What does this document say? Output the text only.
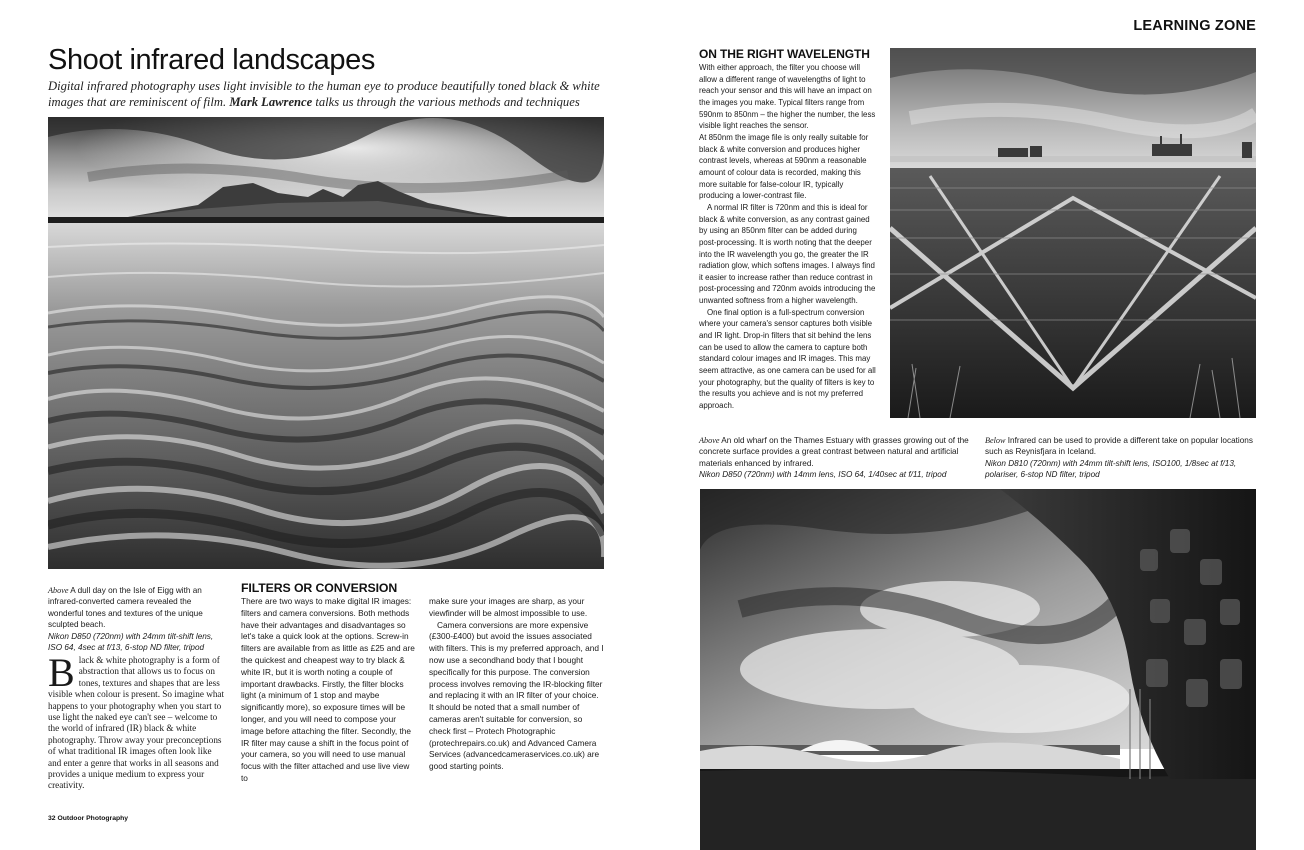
LEARNING ZONE
Shoot infrared landscapes
Digital infrared photography uses light invisible to the human eye to produce beautifully toned black & white images that are reminiscent of film. Mark Lawrence talks us through the various methods and techniques
Above A dull day on the Isle of Eigg with an infrared-converted camera revealed the wonderful tones and textures of the unique sculpted beach.
Nikon D850 (720nm) with 24mm tilt-shift lens, ISO 64, 4sec at f/13, 6-stop ND filter, tripod
Black & white photography is a form of abstraction that allows us to focus on tones, textures and shapes that are less visible when colour is present. So imagine what happens to your photography when you start to use light the naked eye can't see – welcome to the world of infrared (IR) black & white photography. Throw away your preconceptions of what traditional IR images often look like and enter a genre that works in all seasons and provides a unique medium to express your creativity.
FILTERS OR CONVERSION

There are two ways to make digital IR images: filters and camera conversions. Both methods have their advantages and disadvantages so let's take a quick look at the options. Screw-in filters are available from as little as £25 and are the quickest and cheapest way to try black & white IR, but it is worth noting a couple of important drawbacks. Firstly, the filter blocks light (a minimum of 1 stop and maybe significantly more), so exposure times will be longer, and you will need to compose your image before attaching the filter. Secondly, the IR filter may cause a shift in the focus point of your camera, so you will need to use manual focus with the filter attached and use live view to

make sure your images are sharp, as your viewfinder will be almost impossible to use.

Camera conversions are more expensive (£300-£400) but avoid the issues associated with filters. This is my preferred approach, and I now use a secondhand body that I bought specifically for this purpose. The conversion process involves removing the IR-blocking filter and replacing it with an IR filter of your choice. It should be noted that a small number of cameras aren't suitable for conversion, so check first – Protech Photographic (protechrepairs.co.uk) and Advanced Camera Services (advancedcameraservices.co.uk) are good starting points.

32 Outdoor Photography
ON THE RIGHT WAVELENGTH

With either approach, the filter you choose will allow a different range of wavelengths of light to reach your sensor and this will have an impact on the images you make. Typical filters range from 590nm to 850nm – the higher the number, the less visible light reaches the sensor.

At 850nm the image file is only really suitable for black & white conversion and produces higher contrast levels, whereas at 590nm a reasonable amount of colour data is recorded, making this more suitable for false-colour IR, typically producing a lower-contrast file.

A normal IR filter is 720nm and this is ideal for black & white conversion, as any contrast gained by using an 850nm filter can be added during post-processing. It is worth noting that the deeper into the IR wavelength you go, the greater the IR radiation glow, which softens images. I always find it easier to increase rather than reduce contrast in post-processing and 720nm avoids introducing the unwanted softness from a higher wavelength.

One final option is a full-spectrum conversion where your camera's sensor captures both visible and IR light. Drop-in filters that sit behind the lens can be used to allow the camera to capture both standard colour images and IR images. This may seem attractive, as one camera can be used for all your photography, but the quality of filters is key to the results you achieve and is not my preferred approach.

Above An old wharf on the Thames Estuary with grasses growing out of the concrete surface provides a great contrast between natural and artificial materials enhanced by infrared.
Nikon D850 (720nm) with 14mm lens, ISO 64, 1/40sec at f/11, tripod
Below Infrared can be used to provide a different take on popular locations such as Reynisfjara in Iceland.
Nikon D810 (720nm) with 24mm tilt-shift lens, ISO100, 1/8sec at f/13, polariser, 6-stop ND filter, tripod
